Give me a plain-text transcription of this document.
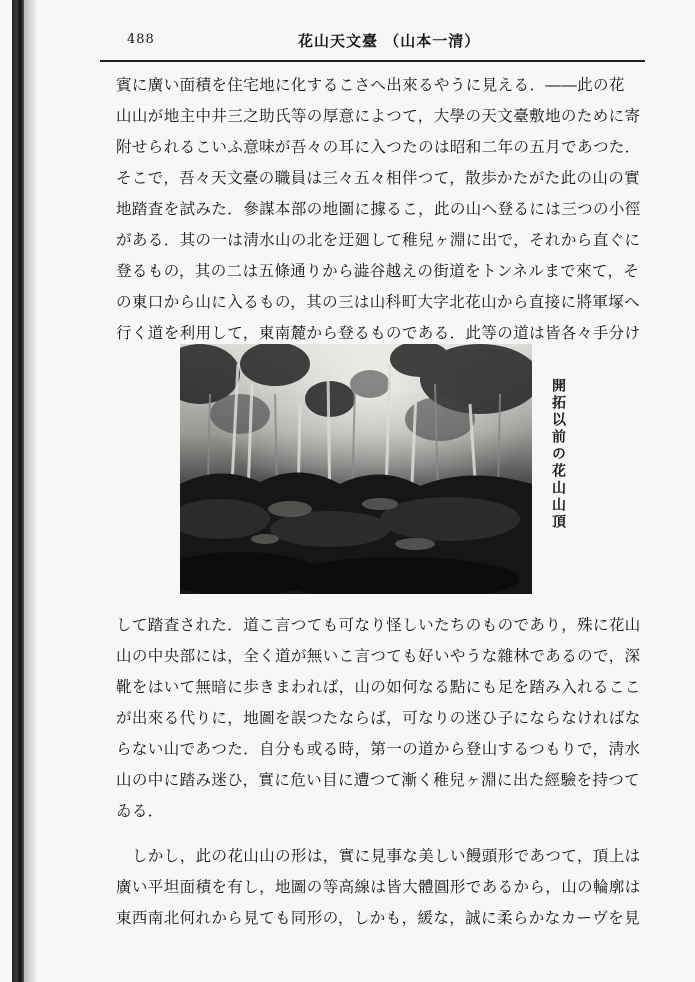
488	花山天文臺 （山本一清）

賓に廣い面積を住宅地に化するこさへ出來るやうに見える．――此の花

山山が地主中井三之助氏等の厚意によつて，大學の天文臺敷地のために寄

附せられるこいふ意味が吾々の耳に入つたのは昭和二年の五月であつた．

そこで，吾々天文臺の職員は三々五々相伴つて，散歩かたがた此の山の實

地踏査を試みた．參謀本部の地圖に據るこ，此の山へ登るには三つの小徑

がある．其の一は淸水山の北を迂廻して稚兒ヶ淵に出で，それから直ぐに

登るもの，其の二は五條通りから澁谷越えの街道をトンネルまで來て，そ

の東口から山に入るもの，其の三は山科町大字北花山から直接に將軍塚へ

行く道を利用して，東南麓から登るものである．此等の道は皆各々手分け

開拓以前の花山山頂

して踏査された．道こ言つても可なり怪しいたちのものであり，殊に花山

山の中央部には，全く道が無いこ言つても好いやうな雜林であるので，深

靴をはいて無暗に歩きまわれば，山の如何なる點にも足を踏み入れるここ

が出來る代りに，地圖を誤つたならば，可なりの迷ひ子にならなければな

らない山であつた．自分も或る時，第一の道から登山するつもりで，淸水

山の中に踏み迷ひ，實に危い目に遭つて漸く稚兒ヶ淵に出た經驗を持つて

ゐる．

しかし，此の花山山の形は，實に見事な美しい饅頭形であつて，頂上は

廣い平坦面積を有し，地圖の等高線は皆大體圓形であるから，山の輪廓は

東西南北何れから見ても同形の，しかも，緩な，誠に柔らかなカーヴを見
